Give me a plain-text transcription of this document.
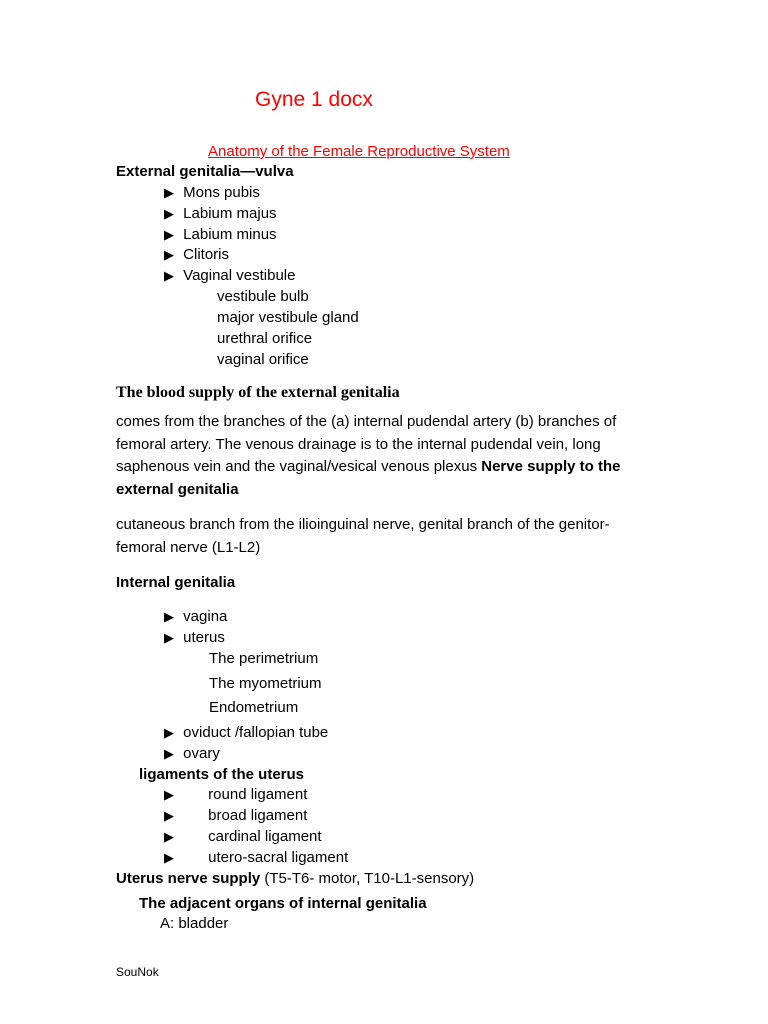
Gyne 1 docx
Anatomy of the Female Reproductive System
External genitalia—vulva
▶ Mons pubis
▶ Labium majus
▶ Labium minus
▶ Clitoris
▶ Vaginal vestibule
vestibule bulb
major vestibule gland
urethral orifice
vaginal orifice
The blood supply of the external genitalia
comes from the branches of the (a) internal pudendal artery (b) branches of femoral artery. The venous drainage is to the internal pudendal vein, long saphenous vein and the vaginal/vesical venous plexus Nerve supply to the external genitalia
cutaneous branch from the ilioinguinal nerve, genital branch of the genitor-femoral nerve (L1-L2)
Internal genitalia
▶ vagina
▶ uterus
The perimetrium
The myometrium
Endometrium
▶ oviduct /fallopian tube
▶ ovary
ligaments of the uterus
▶ round ligament
▶ broad ligament
▶ cardinal ligament
▶ utero-sacral ligament
Uterus nerve supply (T5-T6- motor, T10-L1-sensory)
The adjacent organs of internal genitalia
A: bladder
SouNok
